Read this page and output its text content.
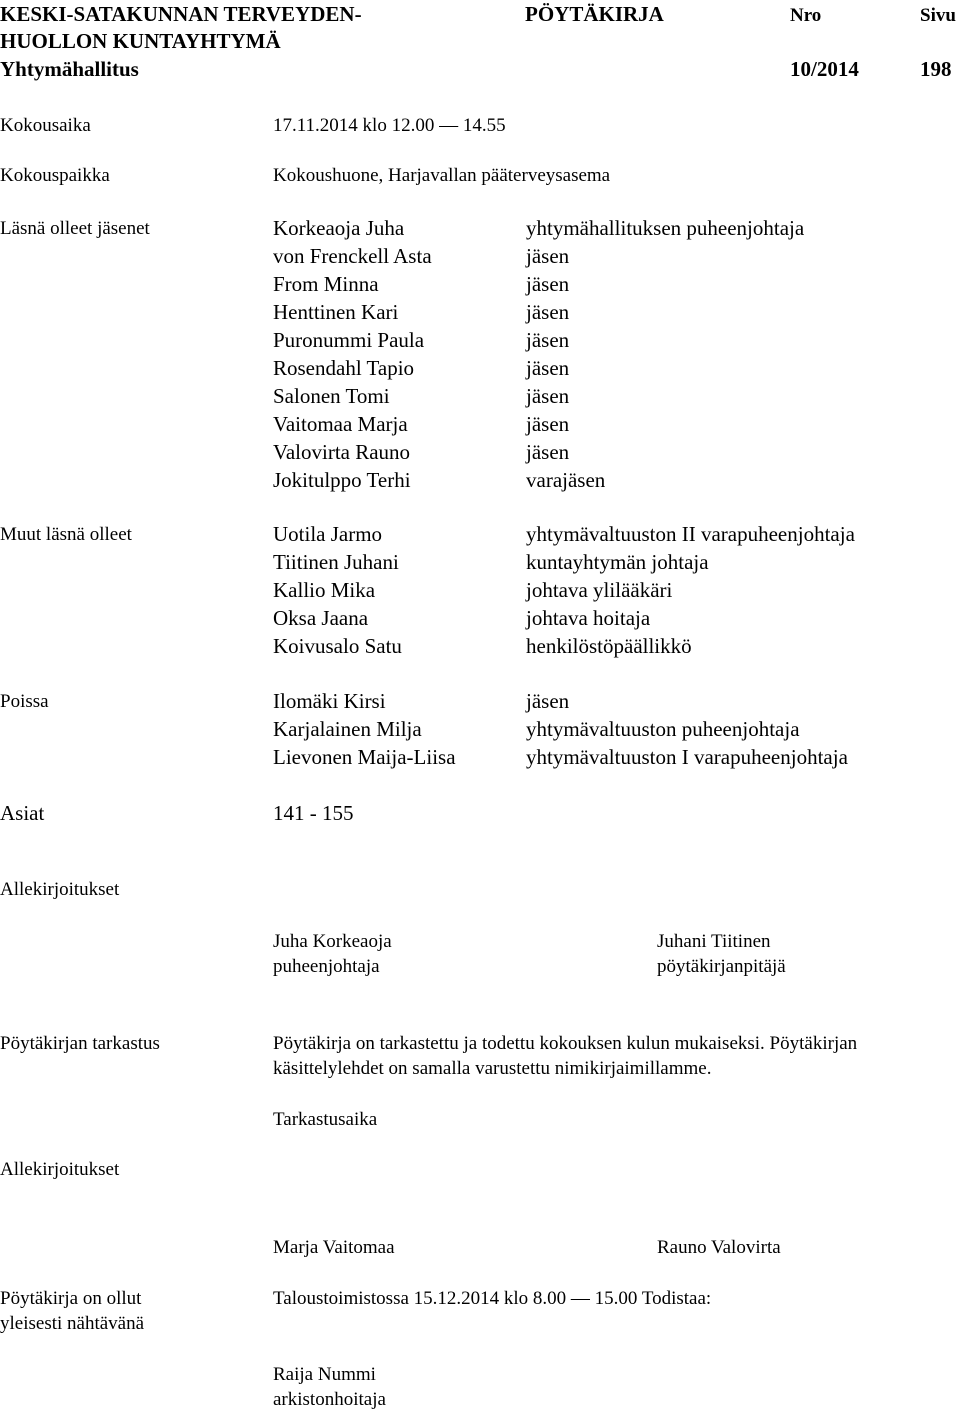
KESKI-SATAKUNNAN TERVEYDEN-
HUOLLON KUNTAYHTYMÄ
Yhtymähallitus
PÖYTÄKIRJA	Nro	Sivu
10/2014	198
Kokousaika	17.11.2014 klo 12.00 — 14.55
Kokouspaikka	Kokoushuone, Harjavallan pääterveysasema
Läsnä olleet jäsenet	Korkeaoja Juha	yhtymähallituksen puheenjohtaja
von Frenckell Asta	jäsen
From Minna	jäsen
Henttinen Kari	jäsen
Puronummi Paula	jäsen
Rosendahl Tapio	jäsen
Salonen Tomi	jäsen
Vaitomaa Marja	jäsen
Valovirta Rauno	jäsen
Jokitulppo Terhi	varajäsen
Muut läsnä olleet	Uotila Jarmo	yhtymävaltuuston II varapuheenjohtaja
Tiitinen Juhani	kuntayhtymän johtaja
Kallio Mika	johtava ylilääkäri
Oksa Jaana	johtava hoitaja
Koivusalo Satu	henkilöstöpäällikkö
Poissa	Ilomäki Kirsi	jäsen
Karjalainen Milja	yhtymävaltuuston puheenjohtaja
Lievonen Maija-Liisa	yhtymävaltuuston I varapuheenjohtaja
Asiat	141 - 155
Allekirjoitukset
Juha Korkeaoja
puheenjohtaja
Juhani Tiitinen
pöytäkirjanpitäjä
Pöytäkirjan tarkastus	Pöytäkirja on tarkastettu ja todettu kokouksen kulun mukaiseksi. Pöytäkirjan
käsittelylehdet on samalla varustettu nimikirjaimillamme.
Tarkastusaika
Allekirjoitukset
Marja Vaitomaa	Rauno Valovirta
Pöytäkirja on ollut
yleisesti nähtävänä
Taloustoimistossa 15.12.2014 klo 8.00 — 15.00 Todistaa:
Raija Nummi
arkistonhoitaja
